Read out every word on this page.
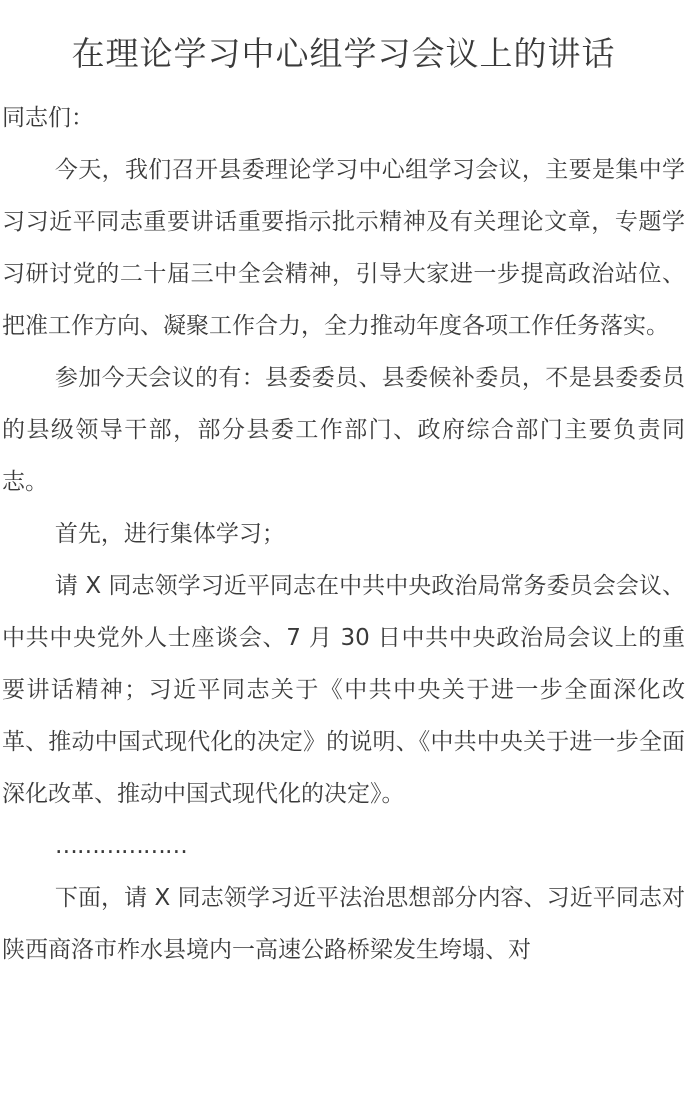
在理论学习中心组学习会议上的讲话

同志们：

今天，我们召开县委理论学习中心组学习会议，主要是集中学习习近平同志重要讲话重要指示批示精神及有关理论文章，专题学习研讨党的二十届三中全会精神，引导大家进一步提高政治站位、把准工作方向、凝聚工作合力，全力推动年度各项工作任务落实。

参加今天会议的有：县委委员、县委候补委员，不是县委委员的县级领导干部，部分县委工作部门、政府综合部门主要负责同志。

首先，进行集体学习；

请 X 同志领学习近平同志在中共中央政治局常务委员会会议、中共中央党外人士座谈会、7 月 30 日中共中央政治局会议上的重要讲话精神；习近平同志关于《中共中央关于进一步全面深化改革、推动中国式现代化的决定》的说明、《中共中央关于进一步全面深化改革、推动中国式现代化的决定》。

………………

下面，请 X 同志领学习近平法治思想部分内容、习近平同志对陕西商洛市柞水县境内一高速公路桥梁发生垮塌、对
